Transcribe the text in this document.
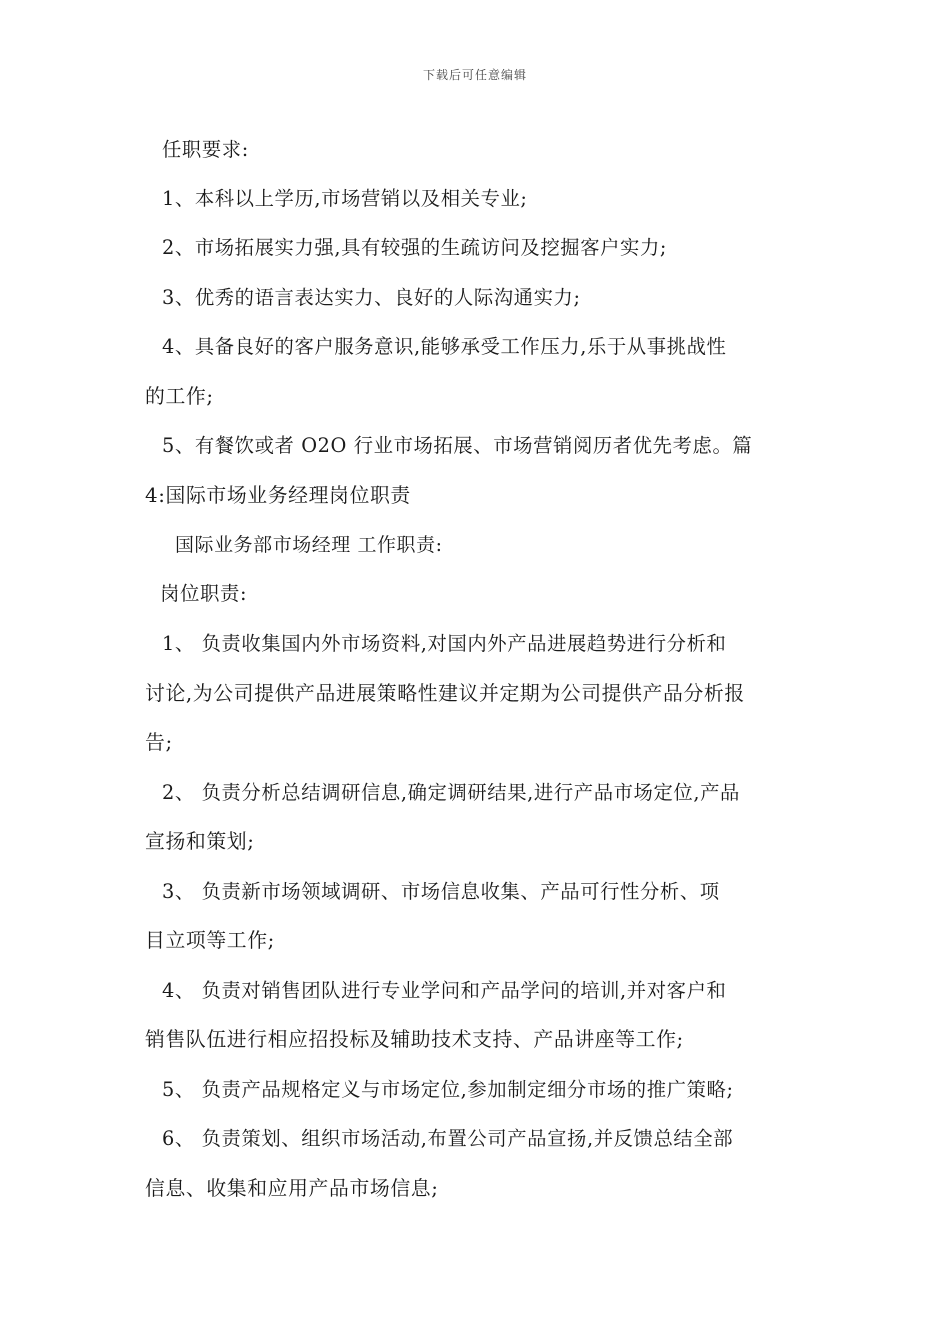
下载后可任意编辑
任职要求:
1、本科以上学历,市场营销以及相关专业;
2、市场拓展实力强,具有较强的生疏访问及挖掘客户实力;
3、优秀的语言表达实力、良好的人际沟通实力;
4、具备良好的客户服务意识,能够承受工作压力,乐于从事挑战性
的工作;
5、有餐饮或者 O2O 行业市场拓展、市场营销阅历者优先考虑。篇
4:国际市场业务经理岗位职责
国际业务部市场经理 工作职责:
岗位职责:
1、 负责收集国内外市场资料,对国内外产品进展趋势进行分析和
讨论,为公司提供产品进展策略性建议并定期为公司提供产品分析报
告;
2、 负责分析总结调研信息,确定调研结果,进行产品市场定位,产品
宣扬和策划;
3、 负责新市场领域调研、市场信息收集、产品可行性分析、项
目立项等工作;
4、 负责对销售团队进行专业学问和产品学问的培训,并对客户和
销售队伍进行相应招投标及辅助技术支持、产品讲座等工作;
5、 负责产品规格定义与市场定位,参加制定细分市场的推广策略;
6、 负责策划、组织市场活动,布置公司产品宣扬,并反馈总结全部
信息、收集和应用产品市场信息;
